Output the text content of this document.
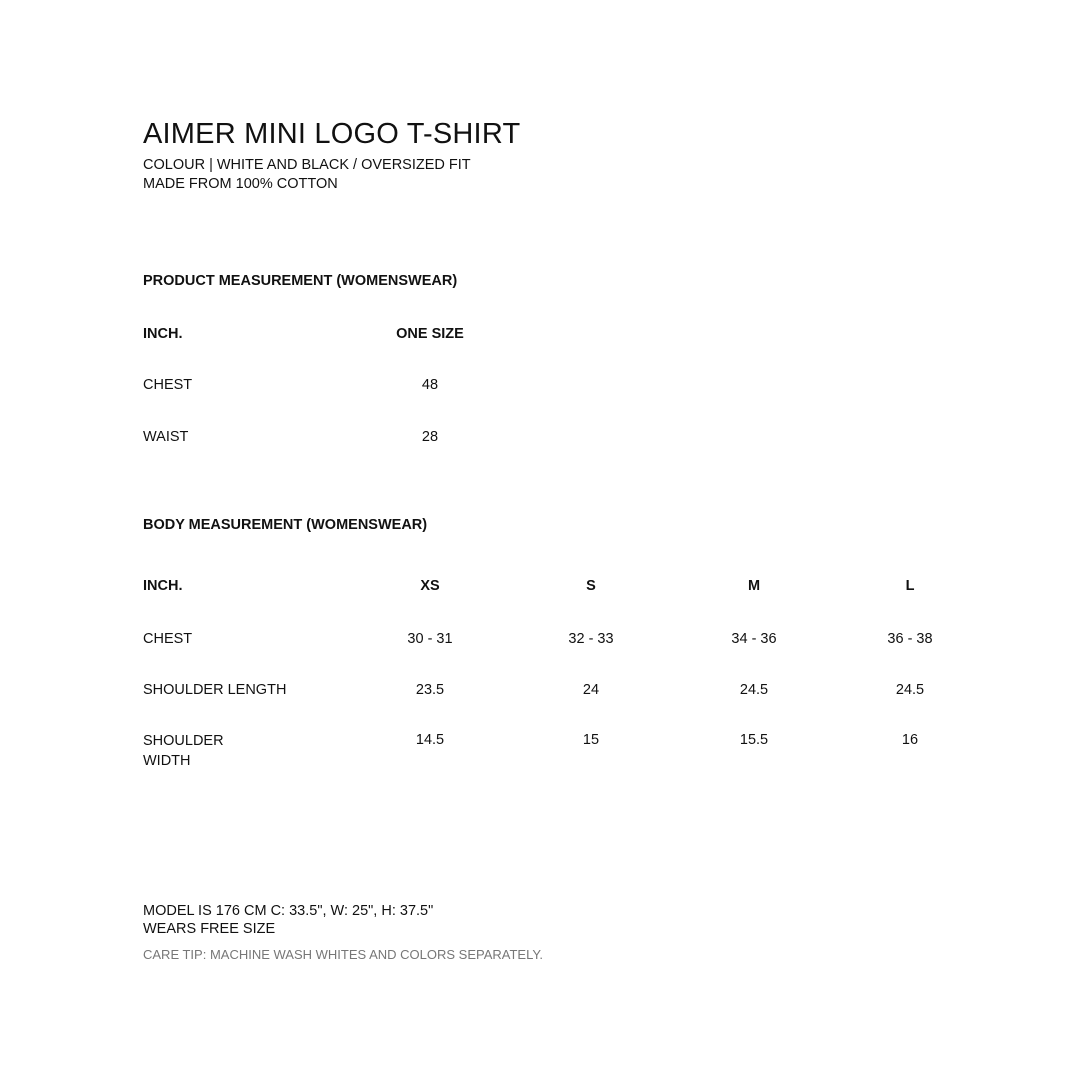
AIMER MINI LOGO T-SHIRT
COLOUR | WHITE AND BLACK / OVERSIZED FIT
MADE FROM 100% COTTON
PRODUCT MEASUREMENT (WOMENSWEAR)
INCH.	ONE SIZE
CHEST	48
WAIST	28
BODY MEASUREMENT (WOMENSWEAR)
INCH.	XS	S	M	L
CHEST	30 - 31	32 - 33	34 - 36	36 - 38
SHOULDER LENGTH	23.5	24	24.5	24.5
SHOULDER
WIDTH
14.5	15	15.5	16
MODEL IS 176 CM C: 33.5", W: 25", H: 37.5"
WEARS FREE SIZE
CARE TIP: MACHINE WASH WHITES AND COLORS SEPARATELY.
